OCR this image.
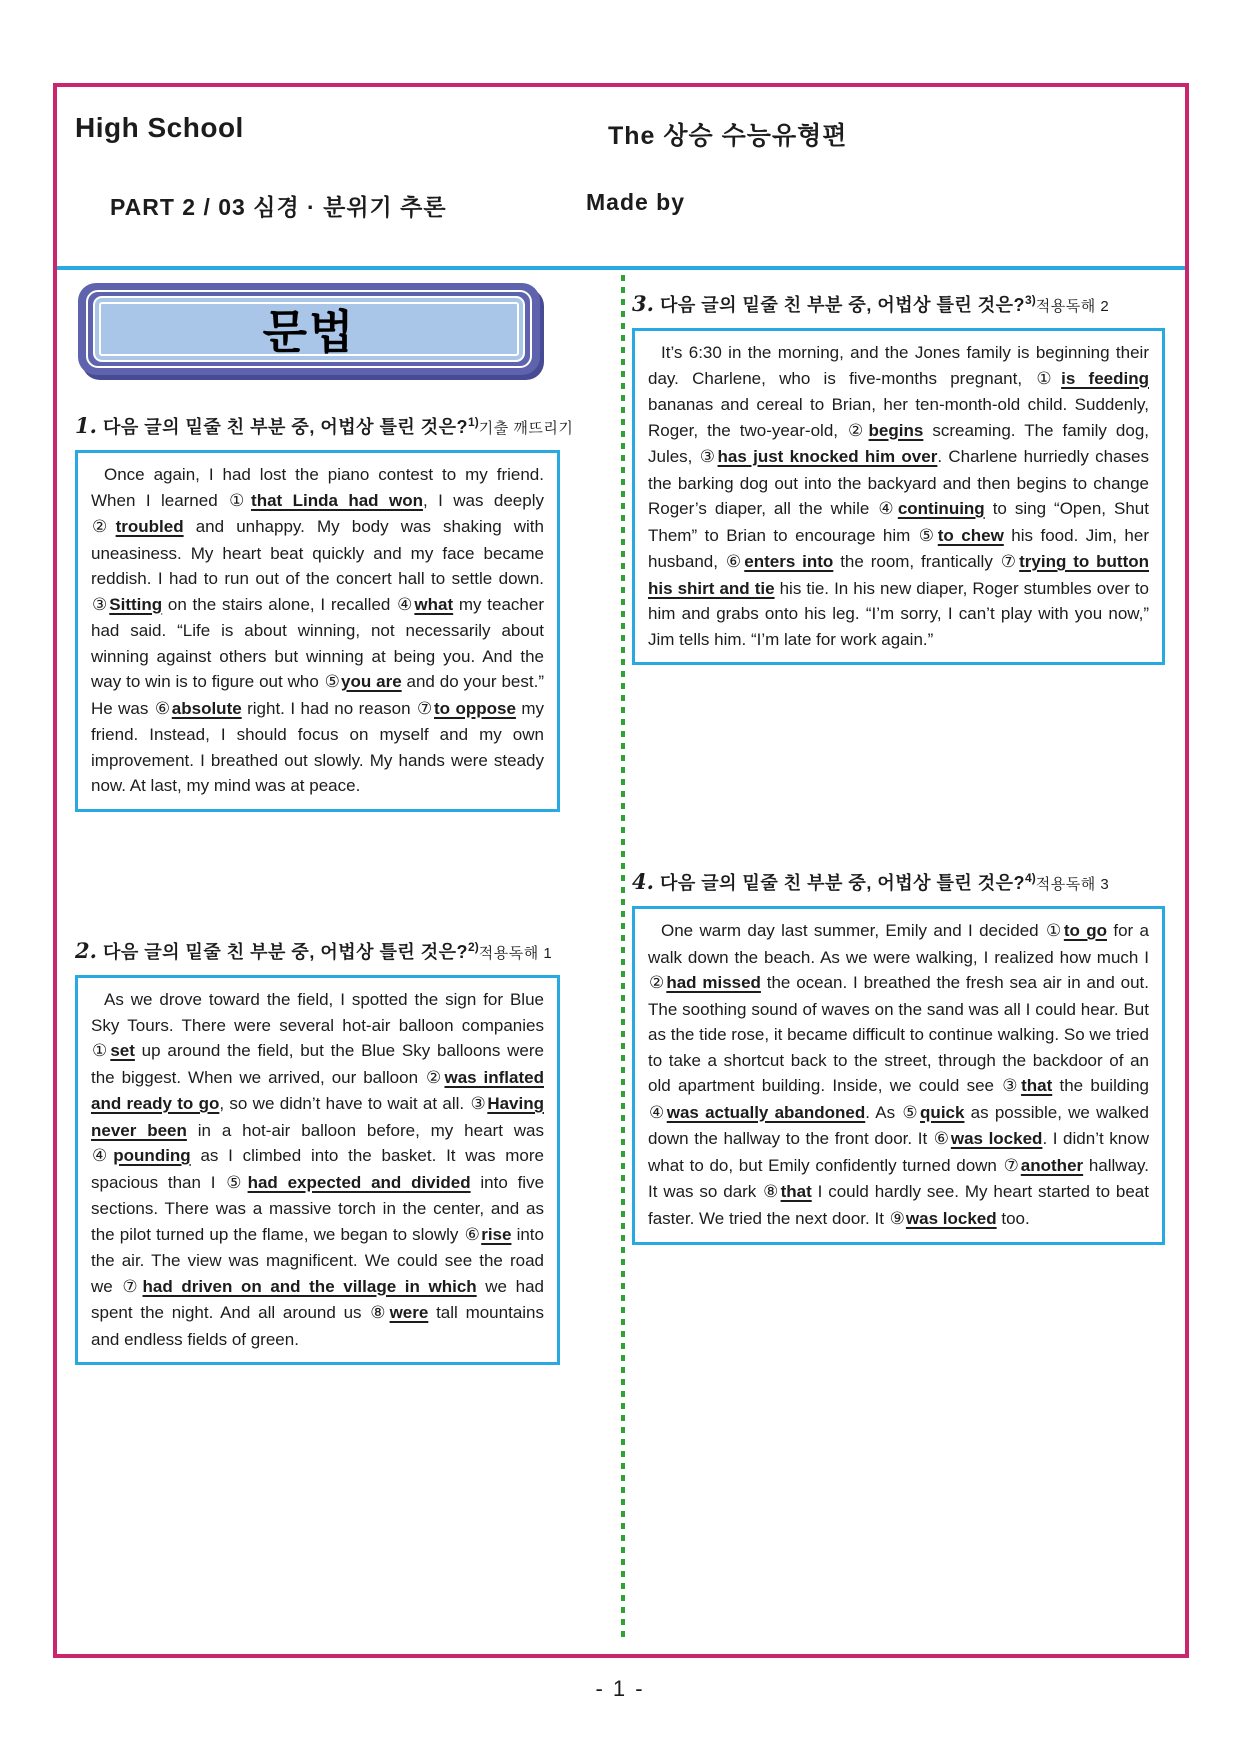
High School	The 상승 수능유형편
PART 2 / 03 심경 · 분위기 추론	Made by
문법
1. 다음 글의 밑줄 친 부분 중, 어법상 틀린 것은?$^{1)}$기출 깨뜨리기

Once again, I had lost the piano contest to my friend. When I learned ①that Linda had won, I was deeply ②troubled and unhappy. My body was shaking with uneasiness. My heart beat quickly and my face became reddish. I had to run out of the concert hall to settle down. ③Sitting on the stairs alone, I recalled ④what my teacher had said. “Life is about winning, not necessarily about winning against others but winning at being you. And the way to win is to figure out who ⑤you are and do your best.” He was ⑥absolute right. I had no reason ⑦to oppose my friend. Instead, I should focus on myself and my own improvement. I breathed out slowly. My hands were steady now. At last, my mind was at peace.

2. 다음 글의 밑줄 친 부분 중, 어법상 틀린 것은?$^{2)}$적용독해 1

As we drove toward the field, I spotted the sign for Blue Sky Tours. There were several hot-air balloon companies ①set up around the field, but the Blue Sky balloons were the biggest. When we arrived, our balloon ②was inflated and ready to go, so we didn’t have to wait at all. ③Having never been in a hot-air balloon before, my heart was ④pounding as I climbed into the basket. It was more spacious than I ⑤had expected and divided into five sections. There was a massive torch in the center, and as the pilot turned up the flame, we began to slowly ⑥rise into the air. The view was magnificent. We could see the road we ⑦had driven on and the village in which we had spent the night. And all around us ⑧were tall mountains and endless fields of green.

3. 다음 글의 밑줄 친 부분 중, 어법상 틀린 것은?$^{3)}$적용독해 2

It’s 6:30 in the morning, and the Jones family is beginning their day. Charlene, who is five-months pregnant, ①is feeding bananas and cereal to Brian, her ten-month-old child. Suddenly, Roger, the two-year-old, ②begins screaming. The family dog, Jules, ③has just knocked him over. Charlene hurriedly chases the barking dog out into the backyard and then begins to change Roger’s diaper, all the while ④continuing to sing “Open, Shut Them” to Brian to encourage him ⑤to chew his food. Jim, her husband, ⑥enters into the room, frantically ⑦trying to button his shirt and tie his tie. In his new diaper, Roger stumbles over to him and grabs onto his leg. “I’m sorry, I can’t play with you now,” Jim tells him. “I’m late for work again.”

4. 다음 글의 밑줄 친 부분 중, 어법상 틀린 것은?$^{4)}$적용독해 3

One warm day last summer, Emily and I decided ①to go for a walk down the beach. As we were walking, I realized how much I ②had missed the ocean. I breathed the fresh sea air in and out. The soothing sound of waves on the sand was all I could hear. But as the tide rose, it became difficult to continue walking. So we tried to take a shortcut back to the street, through the backdoor of an old apartment building. Inside, we could see ③that the building ④was actually abandoned. As ⑤quick as possible, we walked down the hallway to the front door. It ⑥was locked. I didn’t know what to do, but Emily confidently turned down ⑦another hallway. It was so dark ⑧that I could hardly see. My heart started to beat faster. We tried the next door. It ⑨was locked too.

- 1 -
